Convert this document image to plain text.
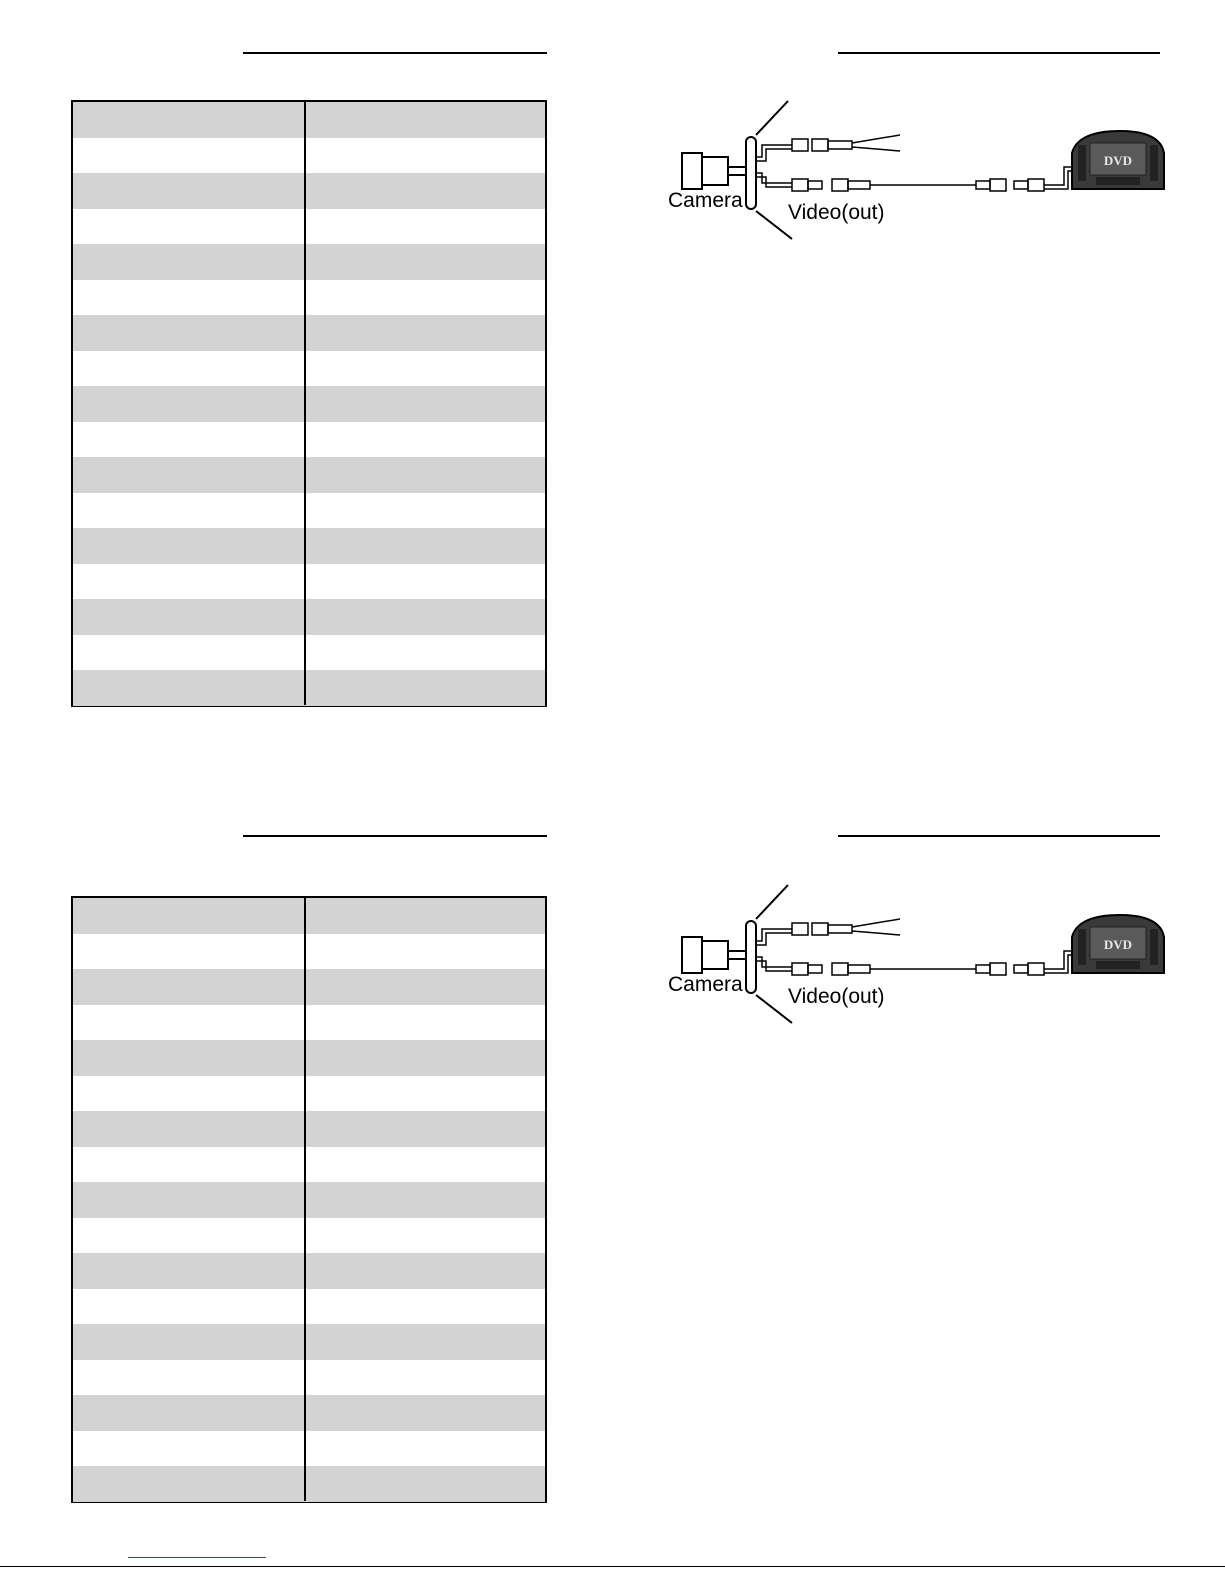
DVD
Camera
Video(out)
DVD
Camera
Video(out)
